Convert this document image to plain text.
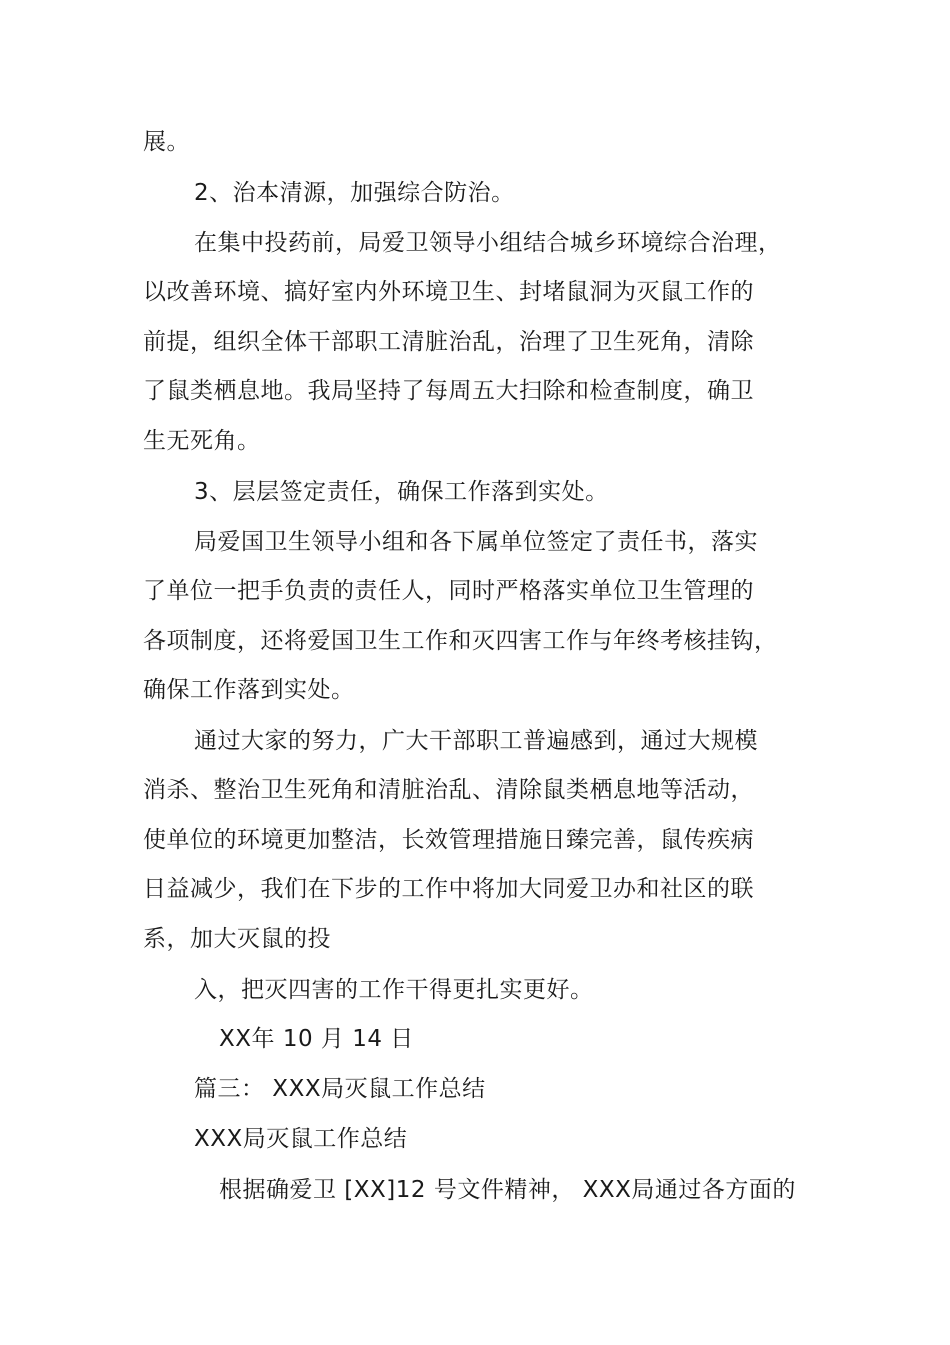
展。
2、治本清源，加强综合防治。
在集中投药前，局爱卫领导小组结合城乡环境综合治理，
以改善环境、搞好室内外环境卫生、封堵鼠洞为灭鼠工作的
前提，组织全体干部职工清脏治乱，治理了卫生死角，清除
了鼠类栖息地。我局坚持了每周五大扫除和检查制度，确卫
生无死角。
3、层层签定责任，确保工作落到实处。
局爱国卫生领导小组和各下属单位签定了责任书，落实
了单位一把手负责的责任人，同时严格落实单位卫生管理的
各项制度，还将爱国卫生工作和灭四害工作与年终考核挂钩，
确保工作落到实处。
通过大家的努力，广大干部职工普遍感到，通过大规模
消杀、整治卫生死角和清脏治乱、清除鼠类栖息地等活动，
使单位的环境更加整洁，长效管理措施日臻完善，鼠传疾病
日益减少，我们在下步的工作中将加大同爱卫办和社区的联
系，加大灭鼠的投
入，把灭四害的工作干得更扎实更好。
XX年 10 月 14 日
篇三： XXX局灭鼠工作总结
XXX局灭鼠工作总结
根据确爱卫 [XX]12 号文件精神， XXX局通过各方面的
